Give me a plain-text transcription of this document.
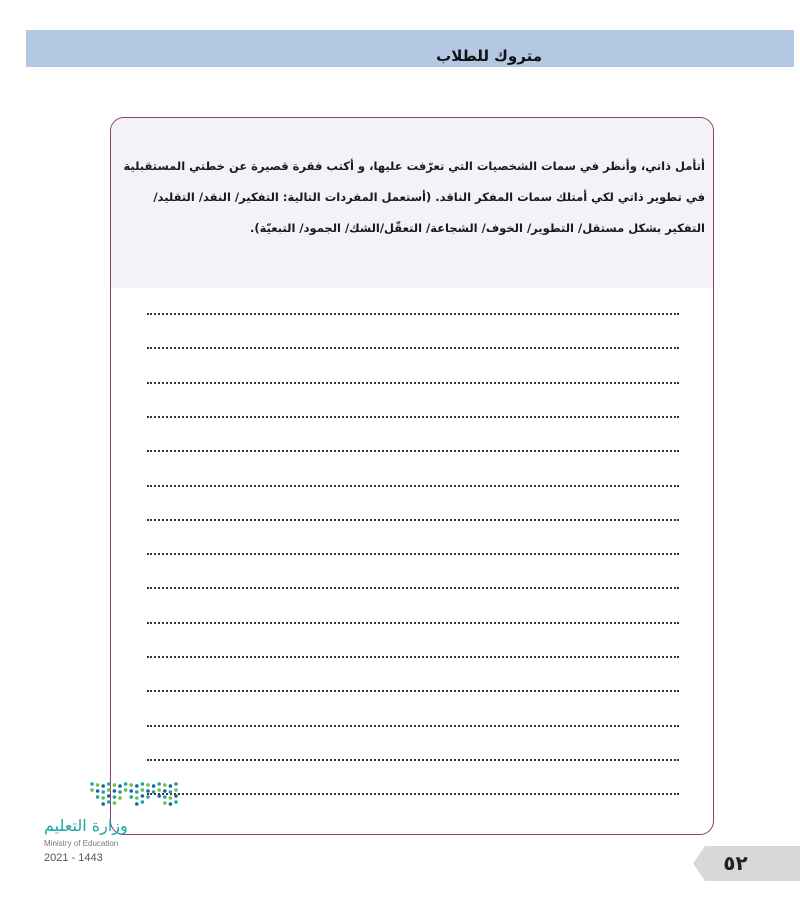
متروك للطلاب
أتأمل ذاتي، وأنظر في سمات الشخصيات التي تعرّفت عليها، و أكتب فقرة قصيرة عن خطتي المستقبلية في تطوير ذاتي لكي أمتلك سمات المفكر الناقد. (أستعمل المفردات التالية: التفكير/ النقد/ التقليد/ التفكير بشكل مستقل/ التطوير/ الخوف/ الشجاعة/ التعقّل/الشك/ الجمود/ التبعيّة).
وزارة التعليم
Ministry of Education
2021 - 1443	٥٢
